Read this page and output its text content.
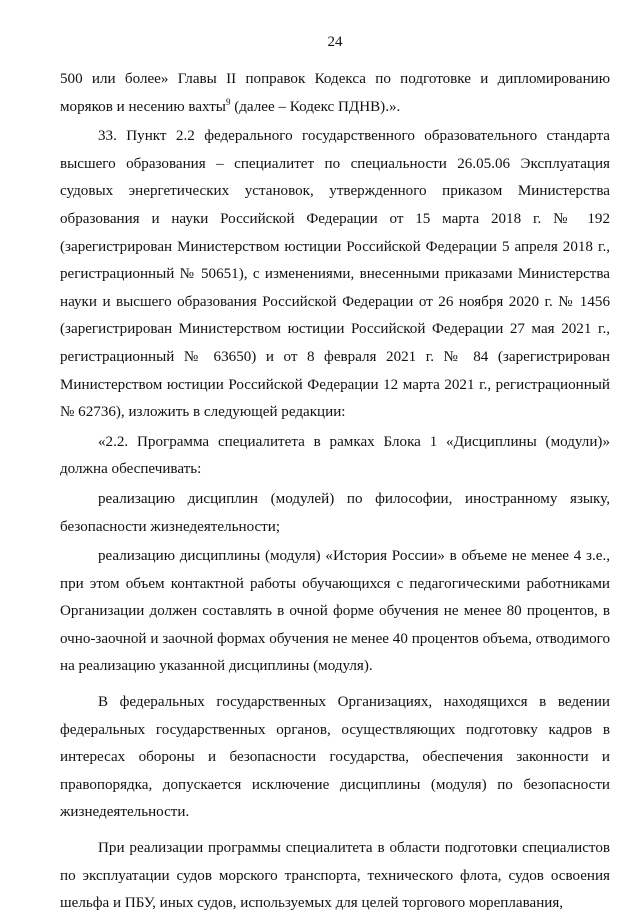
24

500 или более» Главы II поправок Кодекса по подготовке и дипломированию моряков и несению вахты$^9$ (далее – Кодекс ПДНВ).».

33. Пункт 2.2 федерального государственного образовательного стандарта высшего образования – специалитет по специальности 26.05.06 Эксплуатация судовых энергетических установок, утвержденного приказом Министерства образования и науки Российской Федерации от 15 марта 2018 г. № 192 (зарегистрирован Министерством юстиции Российской Федерации 5 апреля 2018 г., регистрационный № 50651), с изменениями, внесенными приказами Министерства науки и высшего образования Российской Федерации от 26 ноября 2020 г. № 1456 (зарегистрирован Министерством юстиции Российской Федерации 27 мая 2021 г., регистрационный № 63650) и от 8 февраля 2021 г. № 84 (зарегистрирован Министерством юстиции Российской Федерации 12 марта 2021 г., регистрационный № 62736), изложить в следующей редакции:

«2.2. Программа специалитета в рамках Блока 1 «Дисциплины (модули)» должна обеспечивать:

реализацию дисциплин (модулей) по философии, иностранному языку, безопасности жизнедеятельности;

реализацию дисциплины (модуля) «История России» в объеме не менее 4 з.е., при этом объем контактной работы обучающихся с педагогическими работниками Организации должен составлять в очной форме обучения не менее 80 процентов, в очно-заочной и заочной формах обучения не менее 40 процентов объема, отводимого на реализацию указанной дисциплины (модуля).

В федеральных государственных Организациях, находящихся в ведении федеральных государственных органов, осуществляющих подготовку кадров в интересах обороны и безопасности государства, обеспечения законности и правопорядка, допускается исключение дисциплины (модуля) по безопасности жизнедеятельности.

При реализации программы специалитета в области подготовки специалистов по эксплуатации судов морского транспорта, технического флота, судов освоения шельфа и ПБУ, иных судов, используемых для целей торгового мореплавания,
